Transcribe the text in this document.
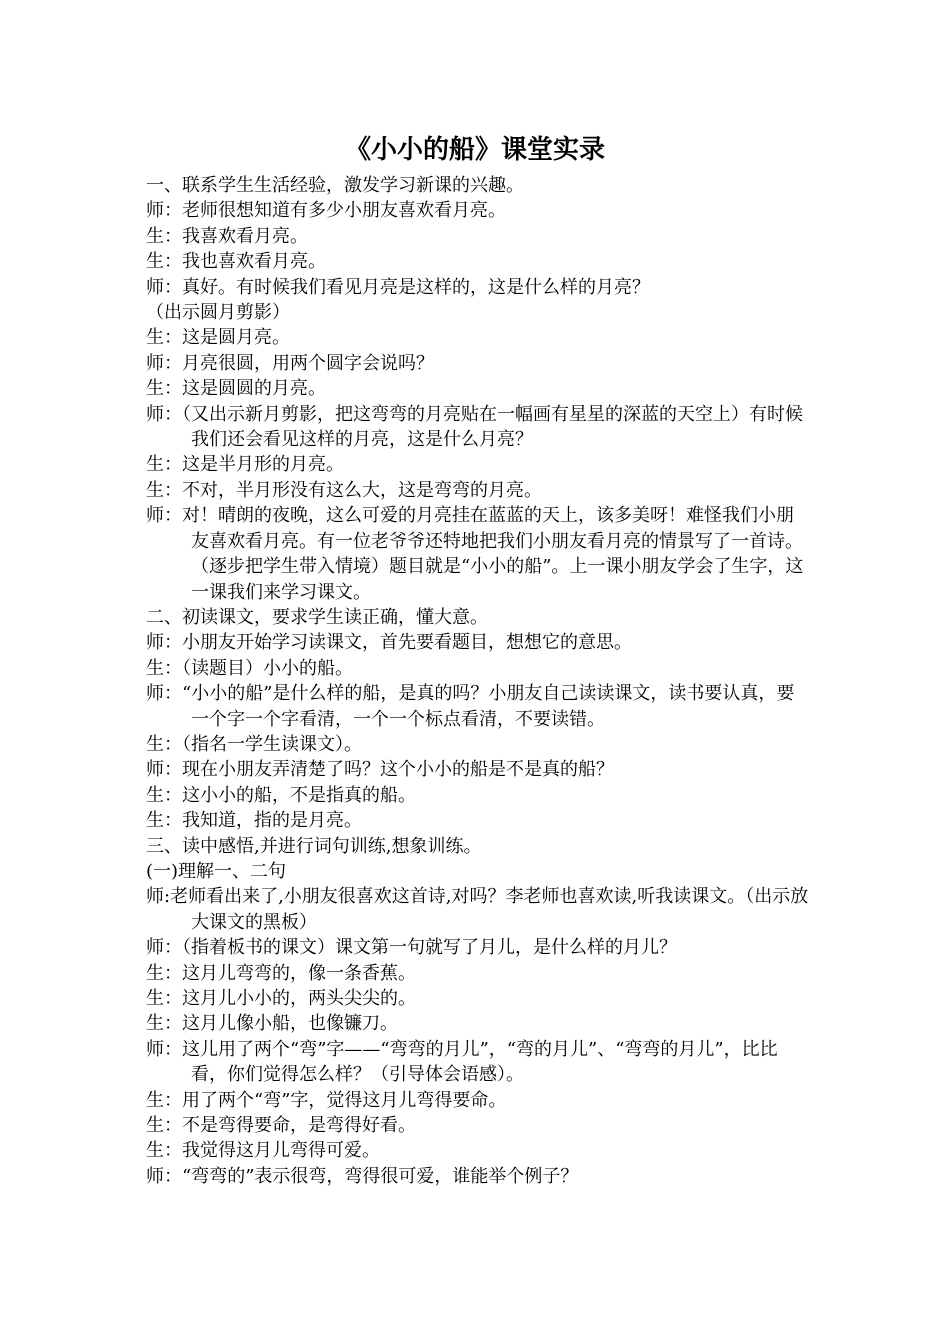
《小小的船》课堂实录

一、联系学生生活经验，激发学习新课的兴趣。

师：老师很想知道有多少小朋友喜欢看月亮。

生：我喜欢看月亮。

生：我也喜欢看月亮。

师：真好。有时候我们看见月亮是这样的，这是什么样的月亮？

（出示圆月剪影）

生：这是圆月亮。

师：月亮很圆，用两个圆字会说吗？

生：这是圆圆的月亮。

师：（又出示新月剪影，把这弯弯的月亮贴在一幅画有星星的深蓝的天空上）有时候我们还会看见这样的月亮，这是什么月亮？

生：这是半月形的月亮。

生：不对，半月形没有这么大，这是弯弯的月亮。

师：对！晴朗的夜晚，这么可爱的月亮挂在蓝蓝的天上，该多美呀！难怪我们小朋友喜欢看月亮。有一位老爷爷还特地把我们小朋友看月亮的情景写了一首诗。（逐步把学生带入情境）题目就是“小小的船”。上一课小朋友学会了生字，这一课我们来学习课文。

二、初读课文，要求学生读正确，懂大意。

师：小朋友开始学习读课文，首先要看题目，想想它的意思。

生：（读题目）小小的船。

师：“小小的船”是什么样的船，是真的吗？小朋友自己读读课文，读书要认真，要一个字一个字看清，一个一个标点看清，不要读错。

生：（指名一学生读课文）。

师：现在小朋友弄清楚了吗？这个小小的船是不是真的船？

生：这小小的船，不是指真的船。

生：我知道，指的是月亮。

三、读中感悟,并进行词句训练,想象训练。

(一)理解一、二句

师:老师看出来了,小朋友很喜欢这首诗,对吗？李老师也喜欢读,听我读课文。（出示放大课文的黑板）

师：（指着板书的课文）课文第一句就写了月儿，是什么样的月儿？

生：这月儿弯弯的，像一条香蕉。

生：这月儿小小的，两头尖尖的。

生：这月儿像小船，也像镰刀。

师：这儿用了两个“弯”字——“弯弯的月儿”，“弯的月儿”、“弯弯的月儿”，比比看，你们觉得怎么样？（引导体会语感）。

生：用了两个“弯”字，觉得这月儿弯得要命。

生：不是弯得要命，是弯得好看。

生：我觉得这月儿弯得可爱。

师：“弯弯的”表示很弯，弯得很可爱，谁能举个例子？
